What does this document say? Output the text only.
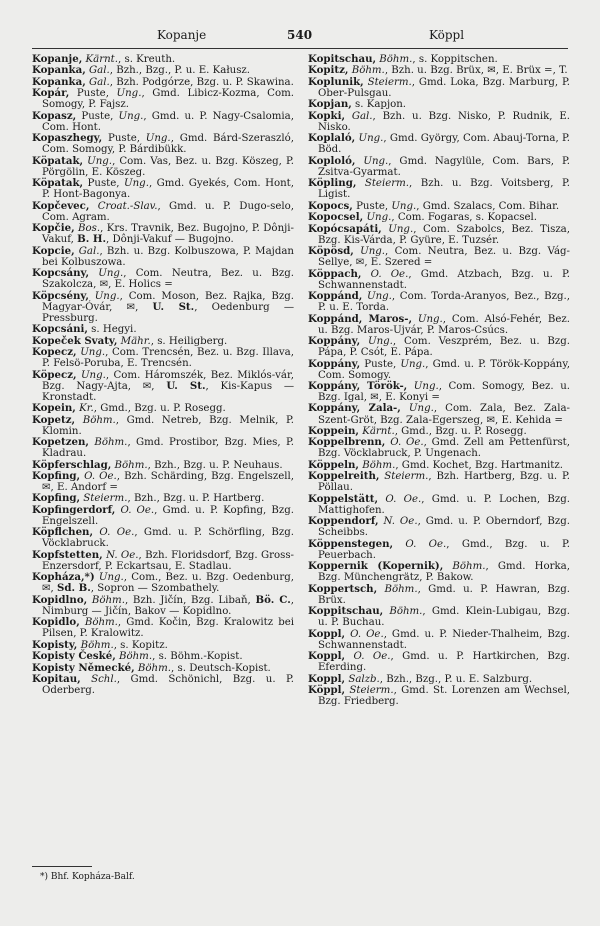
Kopanje	540	Köppl
Kopanje, Kärnt., s. Kreuth.
Kopanka, Gal., Bzh., Bzg., P. u. E. Kałusz.
Kopanka, Gal., Bzh. Podgórze, Bzg. u. P. Skawina.
Kopár, Puste, Ung., Gmd. Libicz-Kozma, Com. Somogy, P. Fajsz.
Kopasz, Puste, Ung., Gmd. u. P. Nagy-Csalomia, Com. Hont.
Kopaszhegy, Puste, Ung., Gmd. Bárd-Szeraszló, Com. Somogy, P. Bárdibükk.
Köpatak, Ung., Com. Vas, Bez. u. Bzg. Köszeg, P. Pörgölin, E. Köszeg.
Köpatak, Puste, Ung., Gmd. Gyekés, Com. Hont, P. Hont-Bagonya.
Kopčevec, Croat.-Slav., Gmd. u. P. Dugo-selo, Com. Agram.
Kopčie, Bos., Krs. Travnik, Bez. Bugojno, P. Dônji-Vakuf, B. H., Dônji-Vakuf — Bugojno.
Kopcie, Gal., Bzh. u. Bzg. Kolbuszowa, P. Majdan bei Kolbuszowa.
Kopcsány, Ung., Com. Neutra, Bez. u. Bzg. Szakolcza, ✉, E. Holics =
Köpcsény, Ung., Com. Moson, Bez. Rajka, Bzg. Magyar-Óvár, ✉, U. St., Oedenburg — Pressburg.
Kopcsáni, s. Hegyi.
Kopeček Svaty, Mähr., s. Heiligberg.
Kopecz, Ung., Com. Trencsén, Bez. u. Bzg. Illava, P. Felsö-Poruba, E. Trencsén.
Köpecz, Ung., Com. Háromszék, Bez. Miklós-vár, Bzg. Nagy-Ajta, ✉, U. St., Kis-Kapus — Kronstadt.
Kopein, Kr., Gmd., Bzg. u. P. Rosegg.
Kopetz, Böhm., Gmd. Netreb, Bzg. Melnik, P. Klomin.
Kopetzen, Böhm., Gmd. Prostibor, Bzg. Mies, P. Kladrau.
Köpferschlag, Böhm., Bzh., Bzg. u. P. Neuhaus.
Kopfing, O. Oe., Bzh. Schärding, Bzg. Engelszell, ✉, E. Andorf =
Kopfing, Steierm., Bzh., Bzg. u. P. Hartberg.
Kopfingerdorf, O. Oe., Gmd. u. P. Kopfing, Bzg. Engelszell.
Köpflchen, O. Oe., Gmd. u. P. Schörfling, Bzg. Vöcklabruck.
Kopfstetten, N. Oe., Bzh. Floridsdorf, Bzg. Gross-Enzersdorf, P. Eckartsau, E. Stadlau.
Kopháza,*) Ung., Com., Bez. u. Bzg. Oedenburg, ✉, Sd. B., Sopron — Szombathely.
Kopidlno, Böhm., Bzh. Jičín, Bzg. Libaň, Bö. C., Nimburg — Jičín, Bakov — Kopidlno.
Kopidlo, Böhm., Gmd. Kočin, Bzg. Kralowitz bei Pilsen, P. Kralowitz.
Kopisty, Böhm., s. Kopitz.
Kopisty České, Böhm., s. Böhm.-Kopist.
Kopisty Německé, Böhm., s. Deutsch-Kopist.
Kopitau, Schl., Gmd. Schönichl, Bzg. u. P. Oderberg.
Kopitschau, Böhm., s. Koppitschen.
Kopitz, Böhm., Bzh. u. Bzg. Brüx, ✉, E. Brüx =, T.
Koplunik, Steierm., Gmd. Loka, Bzg. Marburg, P. Ober-Pulsgau.
Kopjan, s. Kapjon.
Kopki, Gal., Bzh. u. Bzg. Nisko, P. Rudnik, E. Nisko.
Koplaló, Ung., Gmd. György, Com. Abauj-Torna, P. Böd.
Koploló, Ung., Gmd. Nagylüle, Com. Bars, P. Zsitva-Gyarmat.
Köpling, Steierm., Bzh. u. Bzg. Voitsberg, P. Ligist.
Kopocs, Puste, Ung., Gmd. Szalacs, Com. Bihar.
Kopocsel, Ung., Com. Fogaras, s. Kopacsel.
Kopócsapáti, Ung., Com. Szabolcs, Bez. Tisza, Bzg. Kis-Várda, P. Gyüre, E. Tuzsér.
Köpösd, Ung., Com. Neutra, Bez. u. Bzg. Vág-Sellye, ✉, E. Szered =
Köppach, O. Oe., Gmd. Atzbach, Bzg. u. P. Schwannenstadt.
Koppánd, Ung., Com. Torda-Aranyos, Bez., Bzg., P. u. E. Torda.
Koppánd, Maros-, Ung., Com. Alsó-Fehér, Bez. u. Bzg. Maros-Ujvár, P. Maros-Csúcs.
Koppány, Ung., Com. Veszprém, Bez. u. Bzg. Pápa, P. Csót, E. Pápa.
Koppány, Puste, Ung., Gmd. u. P. Török-Koppány, Com. Somogy.
Koppány, Török-, Ung., Com. Somogy, Bez. u. Bzg. Igal, ✉, E. Konyi =
Koppány, Zala-, Ung., Com. Zala, Bez. Zala-Szent-Gröt, Bzg. Zala-Egerszeg, ✉, E. Kehida =
Koppein, Kärnt., Gmd., Bzg. u. P. Rosegg.
Koppelbrenn, O. Oe., Gmd. Zell am Pettenfürst, Bzg. Vöcklabruck, P. Ungenach.
Köppeln, Böhm., Gmd. Kochet, Bzg. Hartmanitz.
Koppelreith, Steierm., Bzh. Hartberg, Bzg. u. P. Pöllau.
Koppelstätt, O. Oe., Gmd. u. P. Lochen, Bzg. Mattighofen.
Koppendorf, N. Oe., Gmd. u. P. Oberndorf, Bzg. Scheibbs.
Köppenstegen, O. Oe., Gmd., Bzg. u. P. Peuerbach.
Koppernik (Kopernik), Böhm., Gmd. Horka, Bzg. Münchengrätz, P. Bakow.
Koppertsch, Böhm., Gmd. u. P. Hawran, Bzg. Brüx.
Koppitschau, Böhm., Gmd. Klein-Lubigau, Bzg. u. P. Buchau.
Koppl, O. Oe., Gmd. u. P. Nieder-Thalheim, Bzg. Schwannenstadt.
Koppl, O. Oe., Gmd. u. P. Hartkirchen, Bzg. Eferding.
Koppl, Salzb., Bzh., Bzg., P. u. E. Salzburg.
Köppl, Steierm., Gmd. St. Lorenzen am Wechsel, Bzg. Friedberg.
*) Bhf. Kopháza-Balf.
